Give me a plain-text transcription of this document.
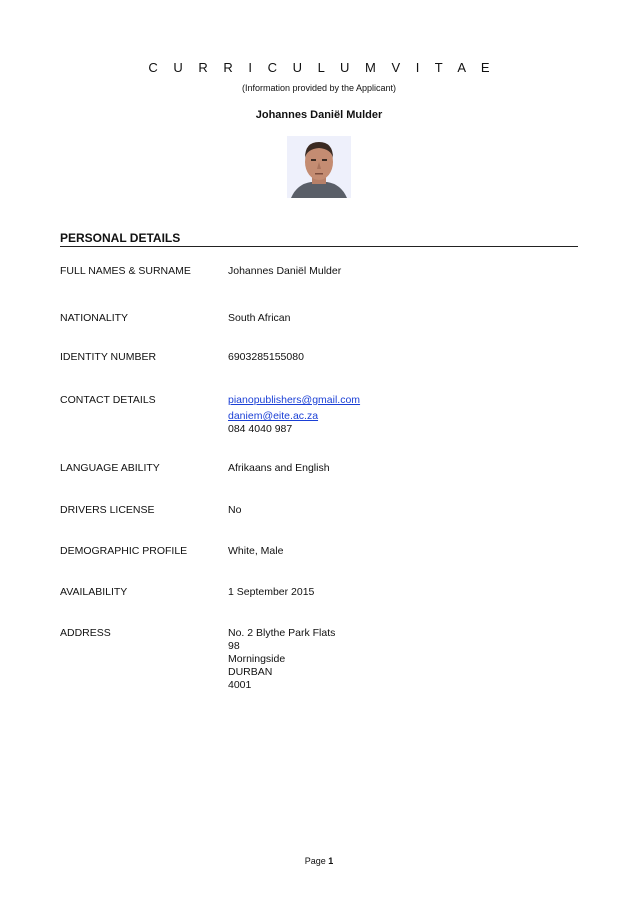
C U R R I C U L U M V I T A E
(Information provided by the Applicant)
Johannes Daniël Mulder
PERSONAL DETAILS
FULL NAMES & SURNAME	Johannes Daniël Mulder
NATIONALITY	South African
IDENTITY NUMBER	6903285155080
CONTACT DETAILS	pianopublishers@gmail.com
daniem@eite.ac.za
084 4040 987
LANGUAGE ABILITY	Afrikaans and English
DRIVERS LICENSE	No
DEMOGRAPHIC PROFILE	White, Male
AVAILABILITY	1 September 2015
ADDRESS	No. 2 Blythe Park Flats
98
Morningside
DURBAN
4001
Page 1
